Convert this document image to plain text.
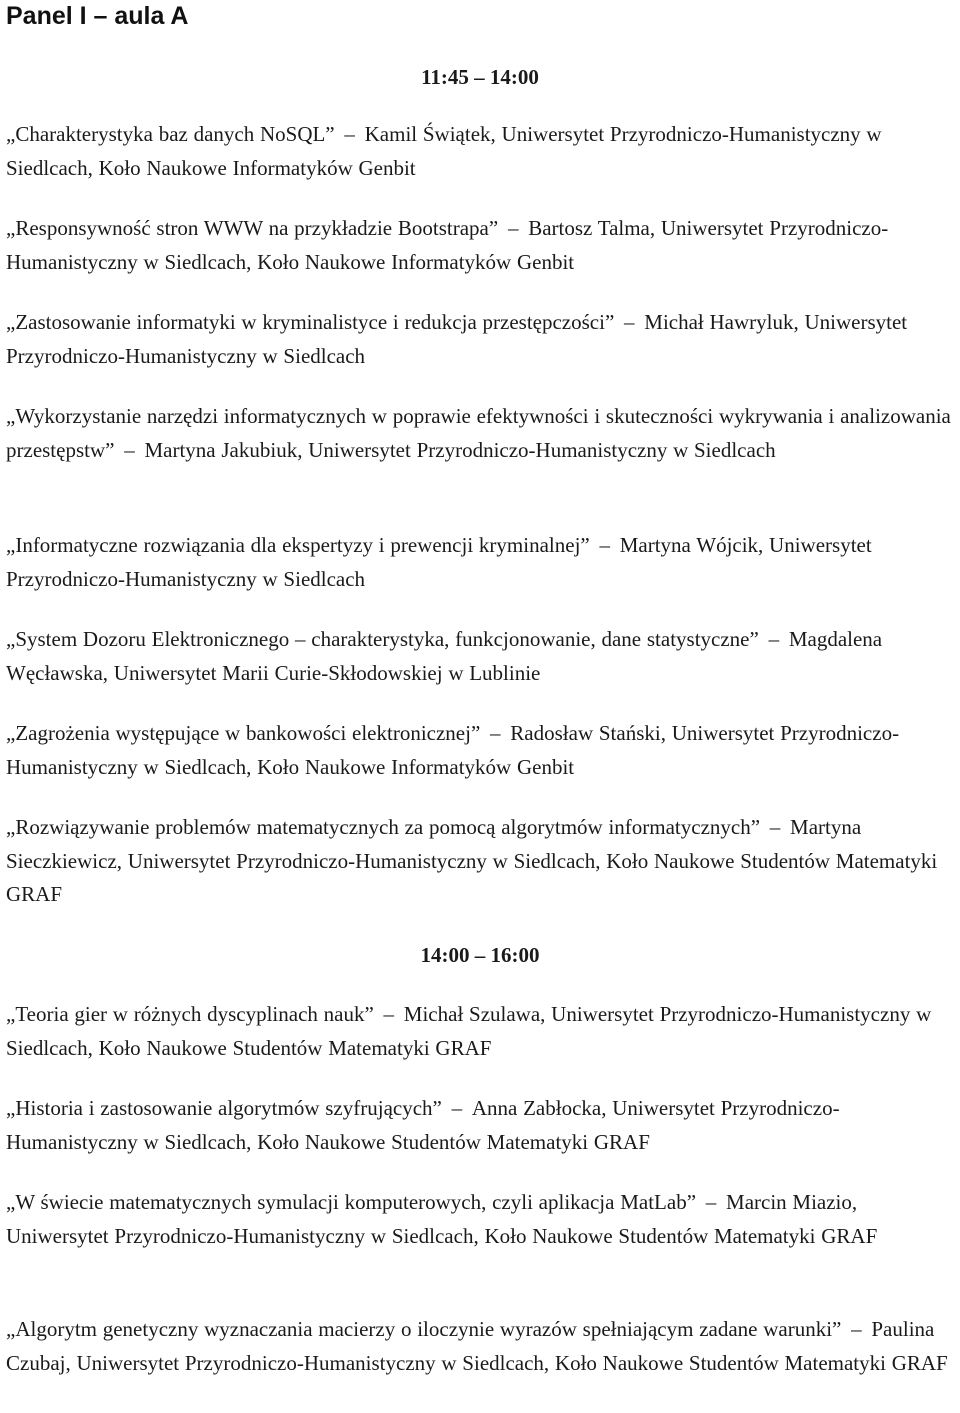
Panel I – aula A

11:45 – 14:00

„Charakterystyka baz danych NoSQL” – Kamil Świątek, Uniwersytet Przyrodniczo-Humanistyczny w Siedlcach, Koło Naukowe Informatyków Genbit

„Responsywność stron WWW na przykładzie Bootstrapa” – Bartosz Talma, Uniwersytet Przyrodniczo-Humanistyczny w Siedlcach, Koło Naukowe Informatyków Genbit

„Zastosowanie informatyki w kryminalistyce i redukcja przestępczości” – Michał Hawryluk, Uniwersytet Przyrodniczo-Humanistyczny w Siedlcach

„Wykorzystanie narzędzi informatycznych w poprawie efektywności i skuteczności wykrywania i analizowania przestępstw” – Martyna Jakubiuk, Uniwersytet Przyrodniczo-Humanistyczny w Siedlcach

„Informatyczne rozwiązania dla ekspertyzy i prewencji kryminalnej” – Martyna Wójcik, Uniwersytet Przyrodniczo-Humanistyczny w Siedlcach

„System Dozoru Elektronicznego – charakterystyka, funkcjonowanie, dane statystyczne” – Magdalena Węcławska, Uniwersytet Marii Curie-Skłodowskiej w Lublinie

„Zagrożenia występujące w bankowości elektronicznej” – Radosław Stański, Uniwersytet Przyrodniczo-Humanistyczny w Siedlcach, Koło Naukowe Informatyków Genbit

„Rozwiązywanie problemów matematycznych za pomocą algorytmów informatycznych” – Martyna Sieczkiewicz, Uniwersytet Przyrodniczo-Humanistyczny w Siedlcach, Koło Naukowe Studentów Matematyki GRAF

14:00 – 16:00

„Teoria gier w różnych dyscyplinach nauk” – Michał Szulawa, Uniwersytet Przyrodniczo-Humanistyczny w Siedlcach, Koło Naukowe Studentów Matematyki GRAF

„Historia i zastosowanie algorytmów szyfrujących” – Anna Zabłocka, Uniwersytet Przyrodniczo-Humanistyczny w Siedlcach, Koło Naukowe Studentów Matematyki GRAF

„W świecie matematycznych symulacji komputerowych, czyli aplikacja MatLab” – Marcin Miazio, Uniwersytet Przyrodniczo-Humanistyczny w Siedlcach, Koło Naukowe Studentów Matematyki GRAF

„Algorytm genetyczny wyznaczania macierzy o iloczynie wyrazów spełniającym zadane warunki” – Paulina Czubaj, Uniwersytet Przyrodniczo-Humanistyczny w Siedlcach, Koło Naukowe Studentów Matematyki GRAF
